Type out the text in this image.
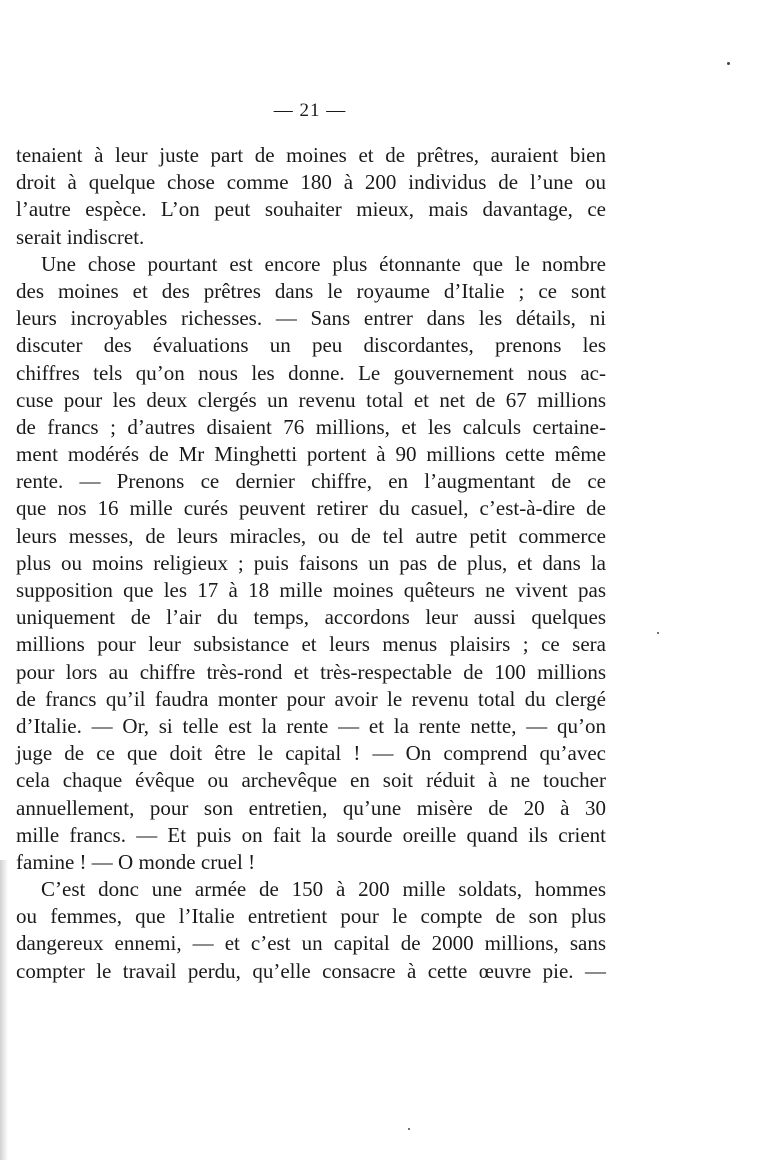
— 21 —
tenaient à leur juste part de moines et de prêtres, auraient bien
droit à quelque chose comme 180 à 200 individus de l’une ou
l’autre espèce. L’on peut souhaiter mieux, mais davantage, ce
serait indiscret.
Une chose pourtant est encore plus étonnante que le nombre
des moines et des prêtres dans le royaume d’Italie ; ce sont
leurs incroyables richesses. — Sans entrer dans les détails, ni
discuter des évaluations un peu discordantes, prenons les
chiffres tels qu’on nous les donne. Le gouvernement nous ac-
cuse pour les deux clergés un revenu total et net de 67 millions
de francs ; d’autres disaient 76 millions, et les calculs certaine-
ment modérés de Mr Minghetti portent à 90 millions cette même
rente. — Prenons ce dernier chiffre, en l’augmentant de ce
que nos 16 mille curés peuvent retirer du casuel, c’est-à-dire de
leurs messes, de leurs miracles, ou de tel autre petit commerce
plus ou moins religieux ; puis faisons un pas de plus, et dans la
supposition que les 17 à 18 mille moines quêteurs ne vivent pas
uniquement de l’air du temps, accordons leur aussi quelques
millions pour leur subsistance et leurs menus plaisirs ; ce sera
pour lors au chiffre très-rond et très-respectable de 100 millions
de francs qu’il faudra monter pour avoir le revenu total du clergé
d’Italie. — Or, si telle est la rente — et la rente nette, — qu’on
juge de ce que doit être le capital ! — On comprend qu’avec
cela chaque évêque ou archevêque en soit réduit à ne toucher
annuellement, pour son entretien, qu’une misère de 20 à 30
mille francs. — Et puis on fait la sourde oreille quand ils crient
famine ! — O monde cruel !
C’est donc une armée de 150 à 200 mille soldats, hommes
ou femmes, que l’Italie entretient pour le compte de son plus
dangereux ennemi, — et c’est un capital de 2000 millions, sans
compter le travail perdu, qu’elle consacre à cette œuvre pie. —
